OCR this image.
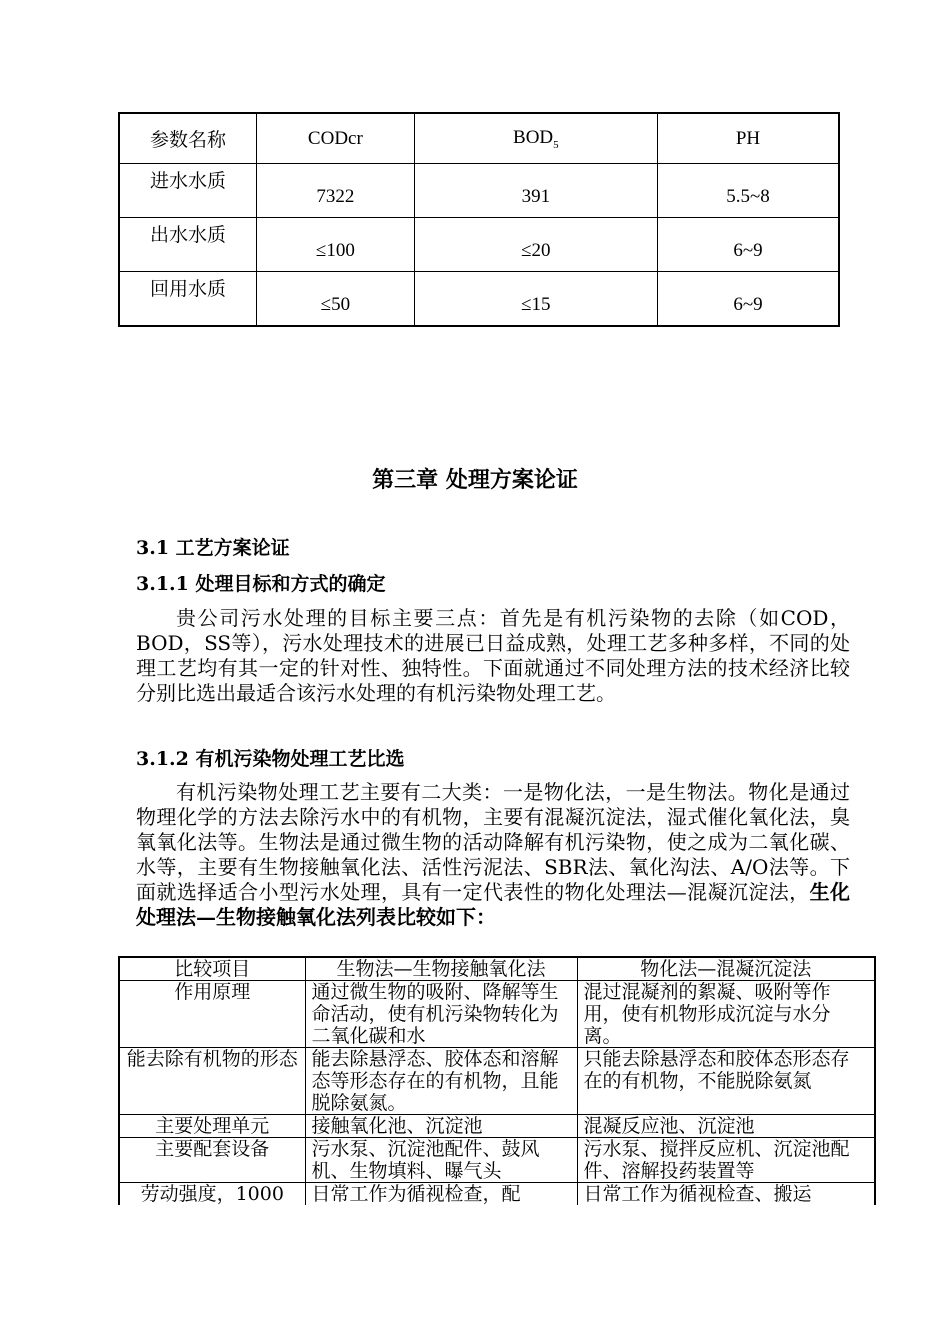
参数名称	CODcr	$BOD_5$	PH
进水水质	7322	391	5.5~8
出水水质	≤100	≤20	6~9
回用水质	≤50	≤15	6~9
第三章 处理方案论证
3.1 工艺方案论证
3.1.1 处理目标和方式的确定
贵公司污水处理的目标主要三点：首先是有机污染物的去除（如COD，BOD，SS等），污水处理技术的进展已日益成熟，处理工艺多种多样，不同的处理工艺均有其一定的针对性、独特性。下面就通过不同处理方法的技术经济比较分别比选出最适合该污水处理的有机污染物处理工艺。
3.1.2 有机污染物处理工艺比选
有机污染物处理工艺主要有二大类：一是物化法，一是生物法。物化是通过物理化学的方法去除污水中的有机物，主要有混凝沉淀法，湿式催化氧化法，臭氧氧化法等。生物法是通过微生物的活动降解有机污染物，使之成为二氧化碳、水等，主要有生物接触氧化法、活性污泥法、SBR法、氧化沟法、A/O法等。下面就选择适合小型污水处理，具有一定代表性的物化处理法—混凝沉淀法，生化处理法—生物接触氧化法列表比较如下：
比较项目	生物法—生物接触氧化法	物化法—混凝沉淀法
作用原理	通过微生物的吸附、降解等生命活动，使有机污染物转化为二氧化碳和水	混过混凝剂的絮凝、吸附等作用，使有机物形成沉淀与水分离。
能去除有机物的形态	能去除悬浮态、胶体态和溶解态等形态存在的有机物，且能脱除氨氮。	只能去除悬浮态和胶体态形态存在的有机物，不能脱除氨氮
主要处理单元	接触氧化池、沉淀池	混凝反应池、沉淀池
主要配套设备	污水泵、沉淀池配件、鼓风机、生物填料、曝气头	污水泵、搅拌反应机、沉淀池配件、溶解投药装置等
劳动强度，1000	日常工作为循视检查，配	日常工作为循视检查、搬运
